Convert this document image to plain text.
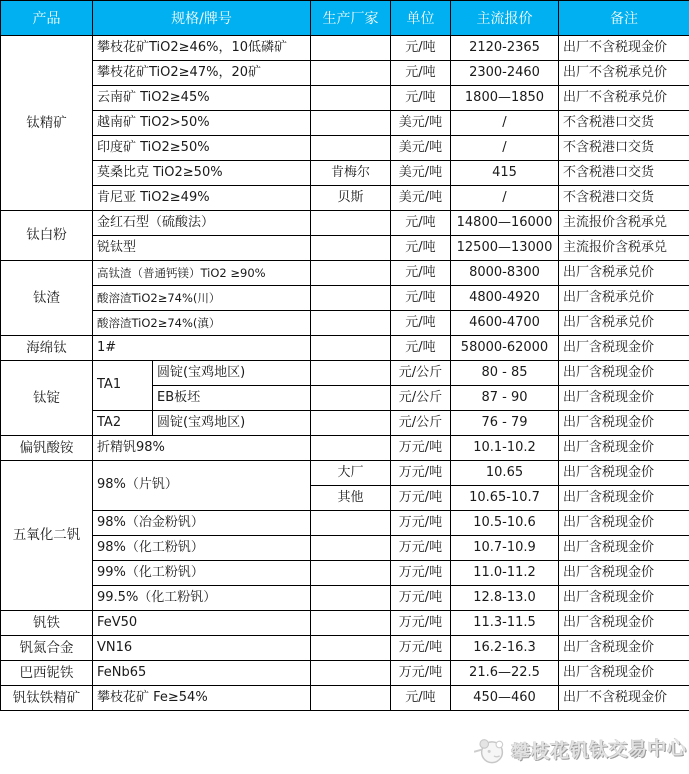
产品	规格/牌号		生产厂家	单位	主流报价	备注
钛精矿	攀枝花矿TiO2≥46%，10低磷矿			元/吨	2120-2365	出厂不含税现金价
	攀枝花矿TiO2≥47%，20矿			元/吨	2300-2460	出厂不含税承兑价
	云南矿 TiO2≥45%			元/吨	1800—1850	出厂不含税承兑价
	越南矿 TiO2>50%			美元/吨	/	不含税港口交货
	印度矿 TiO2≥50%			美元/吨	/	不含税港口交货
	莫桑比克 TiO2≥50%		肯梅尔	美元/吨	415	不含税港口交货
	肯尼亚 TiO2≥49%		贝斯	美元/吨	/	不含税港口交货
钛白粉	金红石型（硫酸法）			元/吨	14800—16000	主流报价含税承兑
	锐钛型			元/吨	12500—13000	主流报价含税承兑
钛渣	高钛渣（普通钙镁）TiO2 ≥90%			元/吨	8000-8300	出厂含税承兑价
	酸溶渣TiO2≥74%(川）			元/吨	4800-4920	出厂含税承兑价
	酸溶渣TiO2≥74%(滇）			元/吨	4600-4700	出厂含税承兑价
海绵钛	1#			元/吨	58000-62000	出厂含税现金价
钛锭	TA1	圆锭(宝鸡地区)		元/公斤	80 - 85	出厂含税现金价
		EB板坯		元/公斤	87 - 90	出厂含税现金价
	TA2	圆锭(宝鸡地区)		元/公斤	76 - 79	出厂含税现金价
偏钒酸铵	折精钒98%			万元/吨	10.1-10.2	出厂含税现金价
五氧化二钒	98%（片钒）		大厂	万元/吨	10.65	出厂含税现金价
			其他	万元/吨	10.65-10.7	出厂含税现金价
	98%（冶金粉钒）			万元/吨	10.5-10.6	出厂含税现金价
	98%（化工粉钒）			万元/吨	10.7-10.9	出厂含税现金价
	99%（化工粉钒）			万元/吨	11.0-11.2	出厂含税现金价
	99.5%（化工粉钒）			万元/吨	12.8-13.0	出厂含税现金价
钒铁	FeV50			万元/吨	11.3-11.5	出厂含税现金价
钒氮合金	VN16			万元/吨	16.2-16.3	出厂含税现金价
巴西铌铁	FeNb65			万元/吨	21.6—22.5	出厂含税现金价
钒钛铁精矿	攀枝花矿 Fe≥54%			元/吨	450—460	出厂不含税现金价
攀枝花钒钛交易中心
